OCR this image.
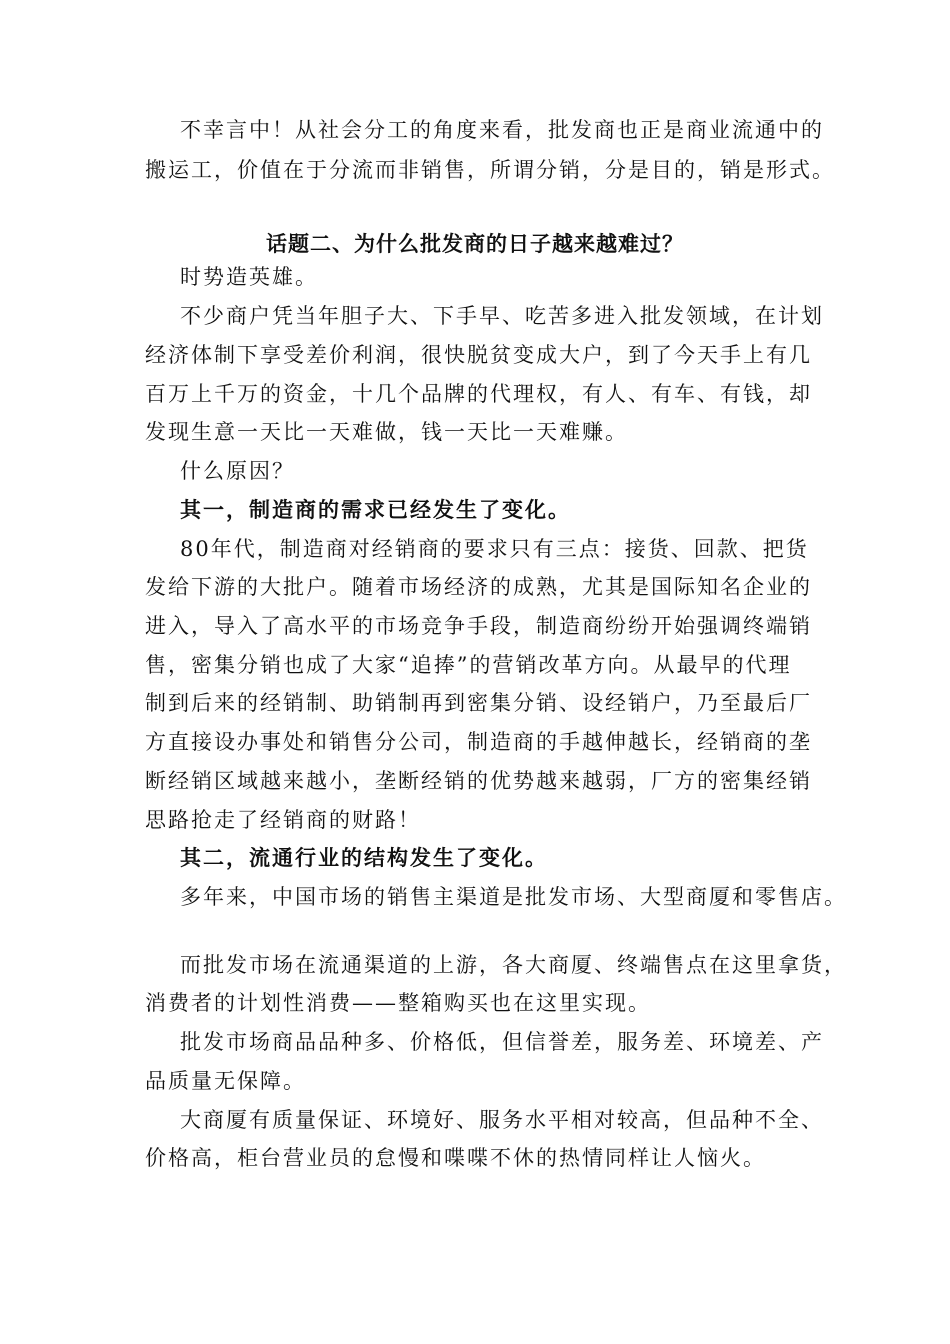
不幸言中！从社会分工的角度来看，批发商也正是商业流通中的
搬运工，价值在于分流而非销售，所谓分销，分是目的，销是形式。
话题二、为什么批发商的日子越来越难过？
时势造英雄。
不少商户凭当年胆子大、下手早、吃苦多进入批发领域，在计划
经济体制下享受差价利润，很快脱贫变成大户，到了今天手上有几
百万上千万的资金，十几个品牌的代理权，有人、有车、有钱，却
发现生意一天比一天难做，钱一天比一天难赚。
什么原因？
其一，制造商的需求已经发生了变化。
80年代，制造商对经销商的要求只有三点：接货、回款、把货
发给下游的大批户。随着市场经济的成熟，尤其是国际知名企业的
进入，导入了高水平的市场竞争手段，制造商纷纷开始强调终端销
售，密集分销也成了大家“追捧”的营销改革方向。从最早的代理
制到后来的经销制、助销制再到密集分销、设经销户，乃至最后厂
方直接设办事处和销售分公司，制造商的手越伸越长，经销商的垄
断经销区域越来越小，垄断经销的优势越来越弱，厂方的密集经销
思路抢走了经销商的财路！
其二，流通行业的结构发生了变化。
多年来，中国市场的销售主渠道是批发市场、大型商厦和零售店。
而批发市场在流通渠道的上游，各大商厦、终端售点在这里拿货，
消费者的计划性消费——整箱购买也在这里实现。
批发市场商品品种多、价格低，但信誉差，服务差、环境差、产
品质量无保障。
大商厦有质量保证、环境好、服务水平相对较高，但品种不全、
价格高，柜台营业员的怠慢和喋喋不休的热情同样让人恼火。
